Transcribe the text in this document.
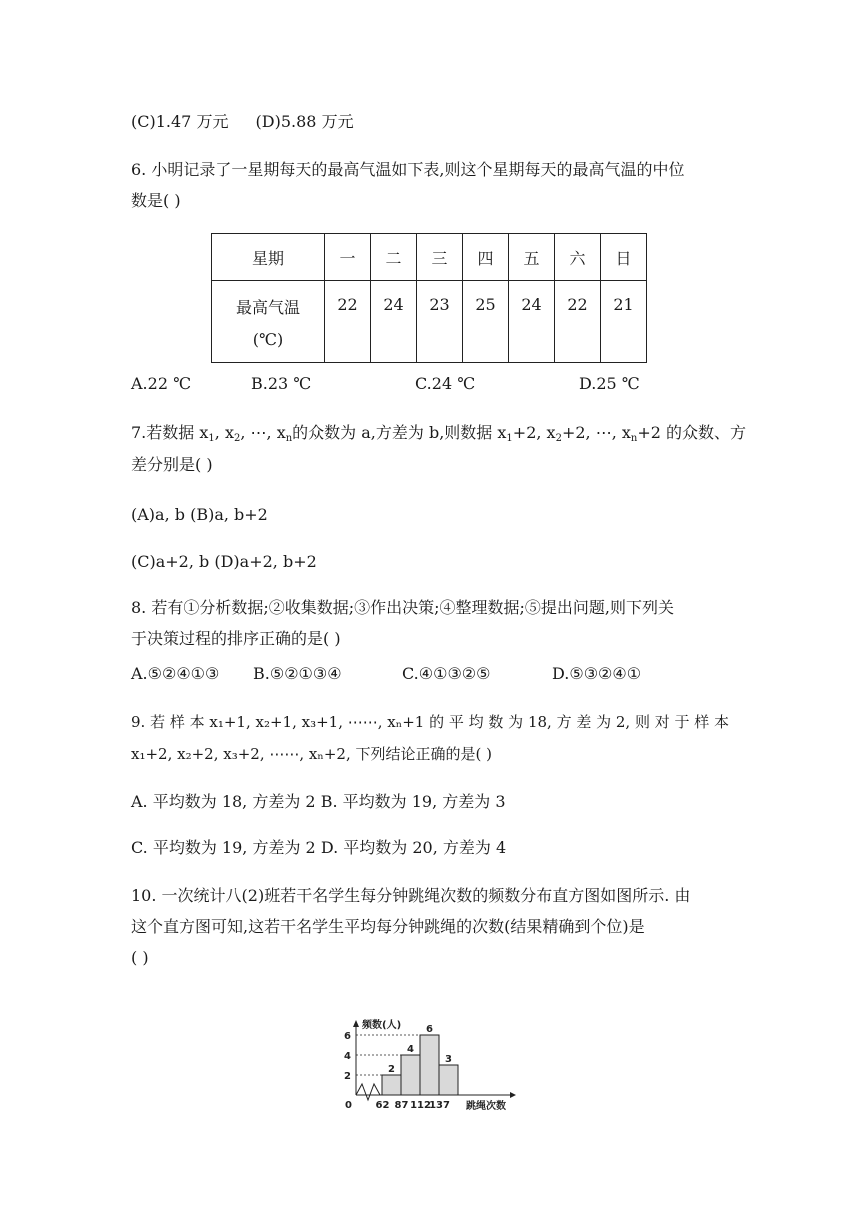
(C)1.47 万元 (D)5.88 万元
6. 小明记录了一星期每天的最高气温如下表,则这个星期每天的最高气温的中位
数是( )
星期	一	二	三	四	五	六	日

最高气温
(℃)	22	24	23	25	24	22	21
A.22 ℃	B.23 ℃	C.24 ℃	D.25 ℃
7.若数据 $x_1$, $x_2$, ⋯, $x_n$的众数为 a,方差为 b,则数据 $x_1+2$, $x_2+2$, ⋯, $x_n+2$ 的众数、方
差分别是( )
(A)a, b (B)a, b+2
(C)a+2, b (D)a+2, b+2
8. 若有①分析数据;②收集数据;③作出决策;④整理数据;⑤提出问题,则下列关
于决策过程的排序正确的是( )
A.⑤②④①③ B.⑤②①③④	C.④①③②⑤	D.⑤③②④①
9. 若 样 本 x₁+1, x₂+1, x₃+1, ⋯⋯, xₙ+1 的 平 均 数 为 18, 方 差 为 2, 则 对 于 样 本
x₁+2, x₂+2, x₃+2, ⋯⋯, xₙ+2, 下列结论正确的是( )
A. 平均数为 18, 方差为 2 B. 平均数为 19, 方差为 3
C. 平均数为 19, 方差为 2 D. 平均数为 20, 方差为 4
10. 一次统计八(2)班若干名学生每分钟跳绳次数的频数分布直方图如图所示. 由
这个直方图可知,这若干名学生平均每分钟跳绳的次数(结果精确到个位)是
( )
2
62
4
87
6
112
3
137
2
4
6
0
频数(人)
跳绳次数
